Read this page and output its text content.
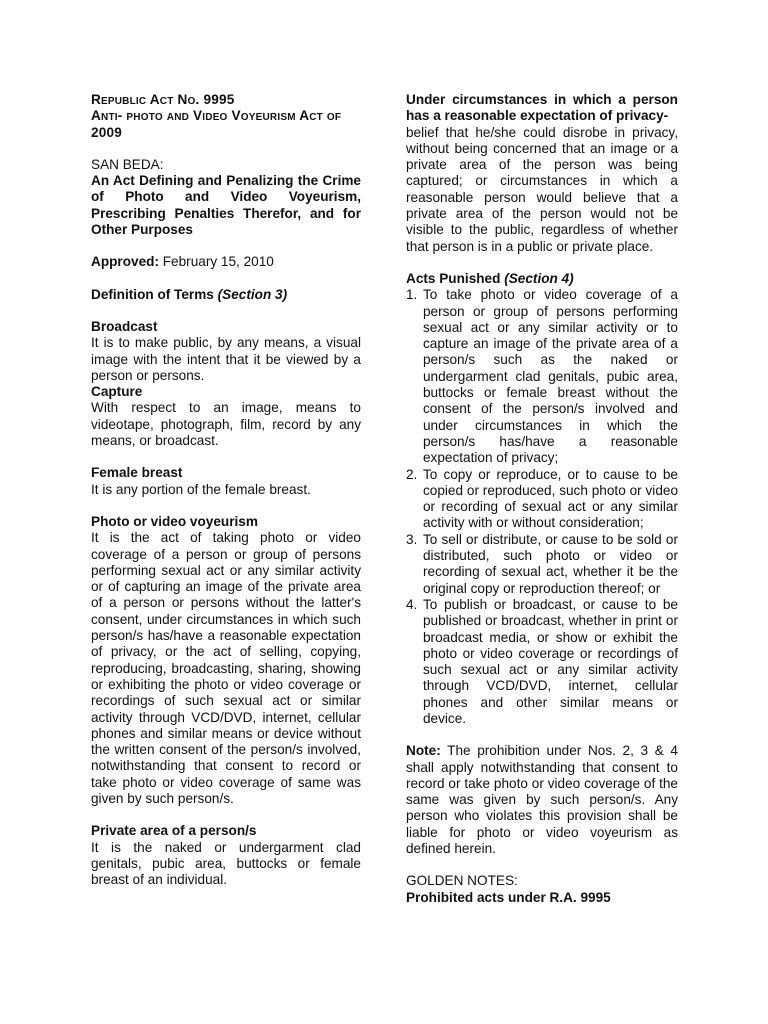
Republic Act No. 9995

Anti- photo and Video Voyeurism Act of 2009

SAN BEDA:

An Act Defining and Penalizing the Crime of Photo and Video Voyeurism, Prescribing Penalties Therefor, and for Other Purposes

Approved: February 15, 2010

Definition of Terms (Section 3)

Broadcast

It is to make public, by any means, a visual image with the intent that it be viewed by a person or persons.

Capture

With respect to an image, means to videotape, photograph, film, record by any means, or broadcast.

Female breast

It is any portion of the female breast.

Photo or video voyeurism

It is the act of taking photo or video coverage of a person or group of persons performing sexual act or any similar activity or of capturing an image of the private area of a person or persons without the latter's consent, under circumstances in which such person/s has/have a reasonable expectation of privacy, or the act of selling, copying, reproducing, broadcasting, sharing, showing or exhibiting the photo or video coverage or recordings of such sexual act or similar activity through VCD/DVD, internet, cellular phones and similar means or device without the written consent of the person/s involved, notwithstanding that consent to record or take photo or video coverage of same was given by such person/s.

Private area of a person/s

It is the naked or undergarment clad genitals, pubic area, buttocks or female breast of an individual.

Under circumstances in which a person has a reasonable expectation of privacy-

belief that he/she could disrobe in privacy, without being concerned that an image or a private area of the person was being captured; or circumstances in which a reasonable person would believe that a private area of the person would not be visible to the public, regardless of whether that person is in a public or private place.

Acts Punished (Section 4)

1. To take photo or video coverage of a person or group of persons performing sexual act or any similar activity or to capture an image of the private area of a person/s such as the naked or undergarment clad genitals, pubic area, buttocks or female breast without the consent of the person/s involved and under circumstances in which the person/s has/have a reasonable expectation of privacy;
2. To copy or reproduce, or to cause to be copied or reproduced, such photo or video or recording of sexual act or any similar activity with or without consideration;
3. To sell or distribute, or cause to be sold or distributed, such photo or video or recording of sexual act, whether it be the original copy or reproduction thereof; or
4. To publish or broadcast, or cause to be published or broadcast, whether in print or broadcast media, or show or exhibit the photo or video coverage or recordings of such sexual act or any similar activity through VCD/DVD, internet, cellular phones and other similar means or device.

Note: The prohibition under Nos. 2, 3 & 4 shall apply notwithstanding that consent to record or take photo or video coverage of the same was given by such person/s. Any person who violates this provision shall be liable for photo or video voyeurism as defined herein.

GOLDEN NOTES:

Prohibited acts under R.A. 9995
